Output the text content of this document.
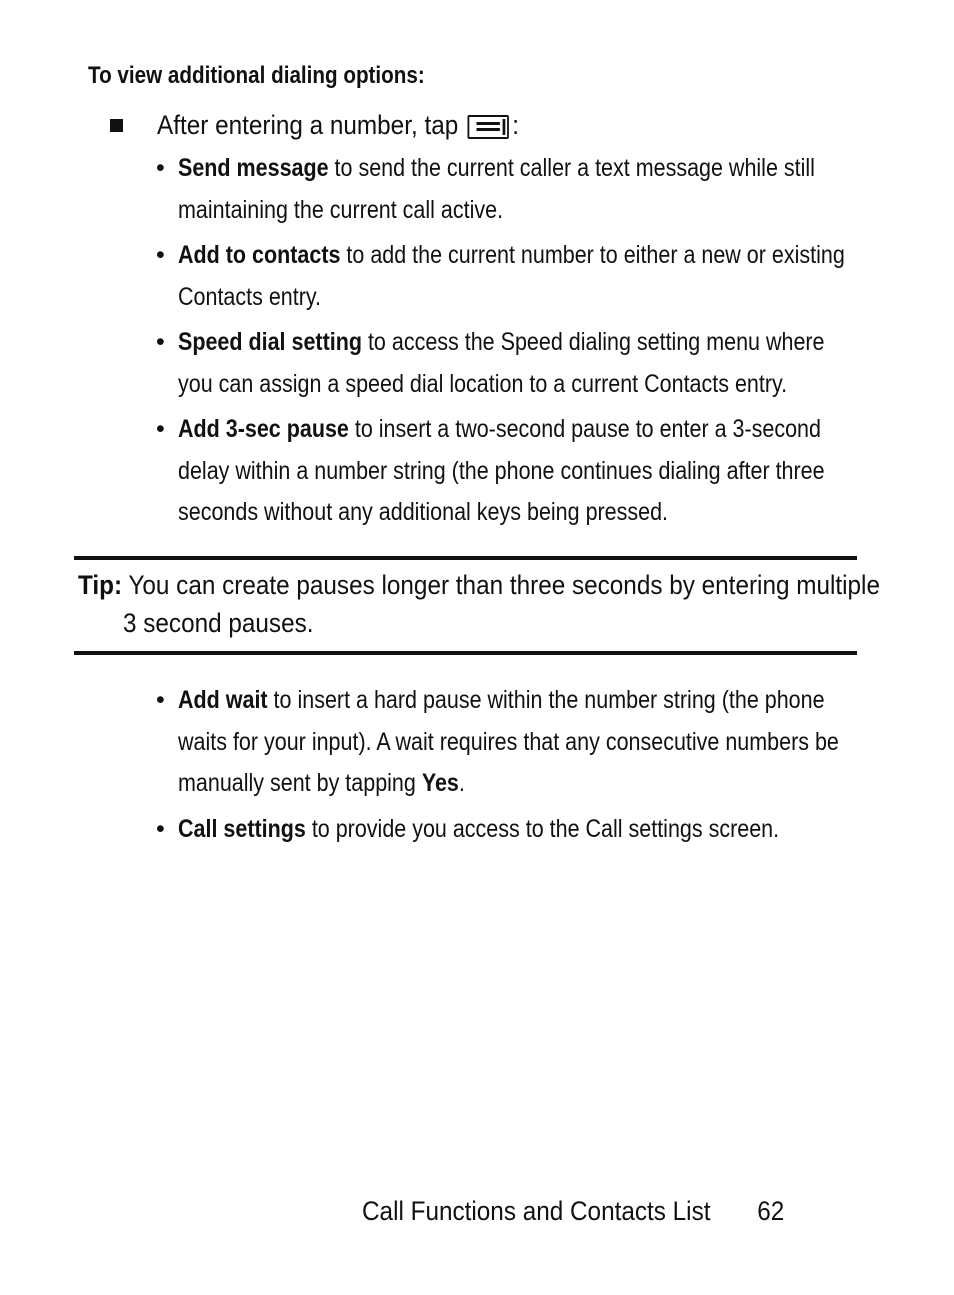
To view additional dialing options:
After entering a number, tap :
• Send message to send the current caller a text message while still maintaining the current call active.
• Add to contacts to add the current number to either a new or existing Contacts entry.
• Speed dial setting to access the Speed dialing setting menu where you can assign a speed dial location to a current Contacts entry.
• Add 3-sec pause to insert a two-second pause to enter a 3-second delay within a number string (the phone continues dialing after three seconds without any additional keys being pressed.
Tip: You can create pauses longer than three seconds by entering multiple 3 second pauses.
• Add wait to insert a hard pause within the number string (the phone waits for your input). A wait requires that any consecutive numbers be manually sent by tapping Yes.
• Call settings to provide you access to the Call settings screen.
Call Functions and Contacts List 62
